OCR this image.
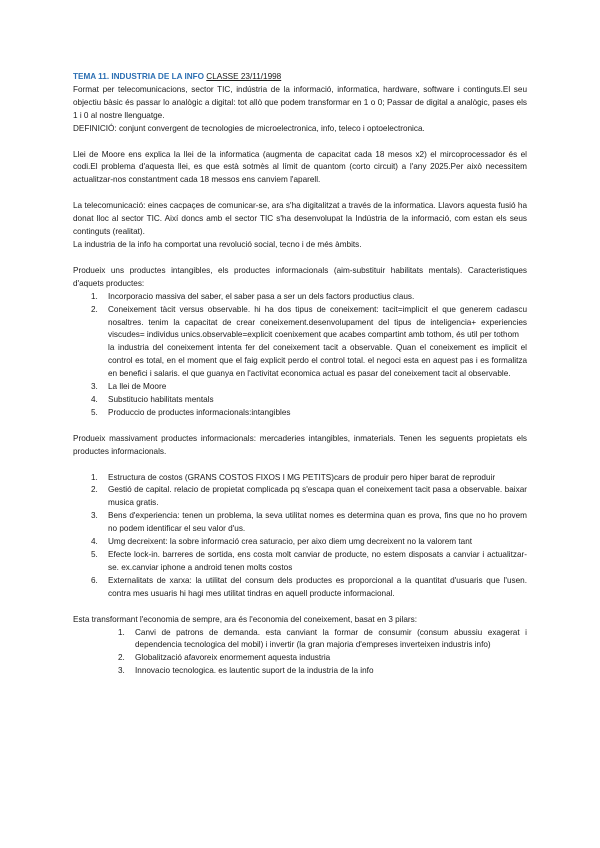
TEMA 11. INDUSTRIA DE LA INFO CLASSE 23/11/1998

Format per telecomunicacions, sector TIC, indústria de la informació, informatica, hardware, software i continguts.El seu objectiu bàsic és passar lo analògic a digital: tot allò que podem transformar en 1 o 0; Passar de digital a analògic, pases els 1 i 0 al nostre llenguatge.

DEFINICIÓ: conjunt convergent de tecnologies de microelectronica, info, teleco i optoelectronica.

Llei de Moore ens explica la llei de la informatica (augmenta de capacitat cada 18 mesos x2) el mircoprocessador és el codi.El problema d'aquesta llei, es que està sotmès al límit de quantom (corto circuit) a l'any 2025.Per això necessitem actualitzar-nos constantment cada 18 messos ens canviem l'aparell.

La telecomunicació: eines cacpaçes de comunicar-se, ara s'ha digitalitzat a través de la informatica. Llavors aquesta fusió ha donat lloc al sector TIC. Així doncs amb el sector TIC s'ha desenvolupat la Indústria de la informació, com estan els seus continguts (realitat).

La industria de la info ha comportat una revolució social, tecno i de més àmbits.

Produeix uns productes intangibles, els productes informacionals (aim-substituir habilitats mentals). Caracteristiques d'aquets productes:

1. Incorporacio massiva del saber, el saber pasa a ser un dels factors productius claus.
2. Coneixement tàcit versus observable. hi ha dos tipus de coneixement: tacit=implicit el que generem cadascu nosaltres. tenim la capacitat de crear coneixement.desenvolupament del tipus de inteligencia+ experiencies viscudes= individus unics.observable=explicit coenixement que acabes compartint amb tothom, és util per tothom
la industria del coneixement intenta fer del coneixement tacit a observable. Quan el coneixement es implicit el control es total, en el moment que el faig explicit perdo el control total. el negoci esta en aquest pas i es formalitza en benefici i salaris. el que guanya en l'activitat economica actual es pasar del coneixement tacit al observable.
3. La llei de Moore
4. Substitucio habilitats mentals
5. Produccio de productes informacionals:intangibles

Produeix massivament productes informacionals: mercaderies intangibles, inmaterials. Tenen les seguents propietats els productes informacionals.

1. Estructura de costos (GRANS COSTOS FIXOS I MG PETITS)cars de produir pero hiper barat de reproduir
2. Gestió de capital. relacio de propietat complicada pq s'escapa quan el coneixement tacit pasa a observable. baixar musica gratis.
3. Bens d'experiencia: tenen un problema, la seva utilitat nomes es determina quan es prova, fins que no ho provem no podem identificar el seu valor d'us.
4. Umg decreixent: la sobre informació crea saturacio, per aixo diem umg decreixent no la valorem tant
5. Efecte lock-in. barreres de sortida, ens costa molt canviar de producte, no estem disposats a canviar i actualitzar-se. ex.canviar iphone a android tenen molts costos
6. Externalitats de xarxa: la utilitat del consum dels productes es proporcional a la quantitat d'usuaris que l'usen. contra mes usuaris hi hagi mes utilitat tindras en aquell producte informacional.

Esta transformant l'economia de sempre, ara és l'economia del coneixement, basat en 3 pilars:

1. Canvi de patrons de demanda. esta canviant la formar de consumir (consum abussiu exagerat i dependencia tecnologica del mobil) i invertir (la gran majoria d'empreses inverteixen industris info)
2. Globalització afavoreix enormement aquesta industria
3. Innovacio tecnologica. es lautentic suport de la industria de la info
